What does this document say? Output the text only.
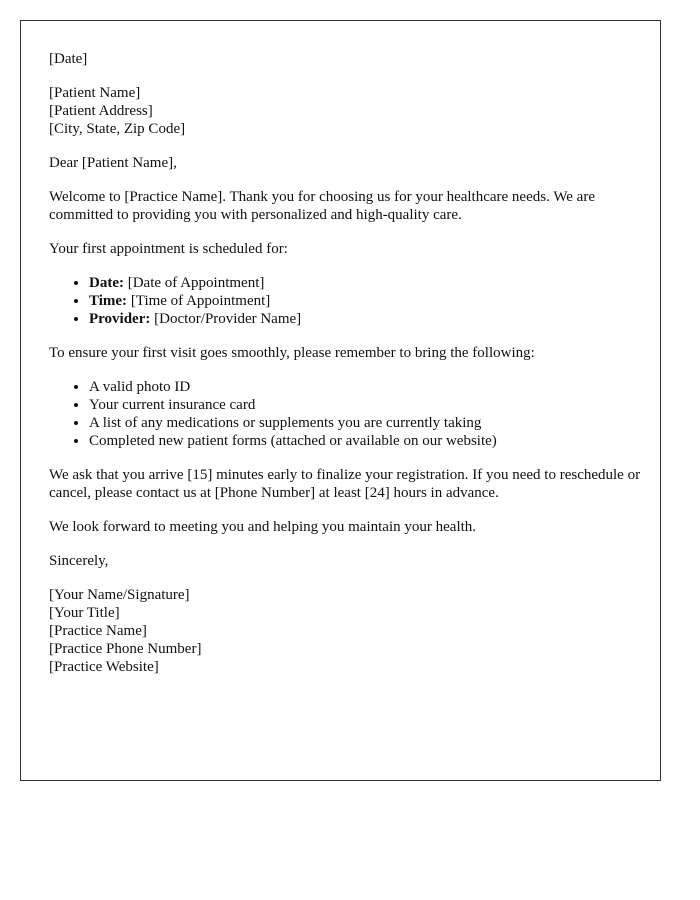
[Date]

[Patient Name]
[Patient Address]
[City, State, Zip Code]

Dear [Patient Name],

Welcome to [Practice Name]. Thank you for choosing us for your healthcare needs. We are committed to providing you with personalized and high-quality care.

Your first appointment is scheduled for:

• Date: [Date of Appointment]
• Time: [Time of Appointment]
• Provider: [Doctor/Provider Name]

To ensure your first visit goes smoothly, please remember to bring the following:

• A valid photo ID
• Your current insurance card
• A list of any medications or supplements you are currently taking
• Completed new patient forms (attached or available on our website)

We ask that you arrive [15] minutes early to finalize your registration. If you need to reschedule or cancel, please contact us at [Phone Number] at least [24] hours in advance.

We look forward to meeting you and helping you maintain your health.

Sincerely,

[Your Name/Signature]
[Your Title]
[Practice Name]
[Practice Phone Number]
[Practice Website]
